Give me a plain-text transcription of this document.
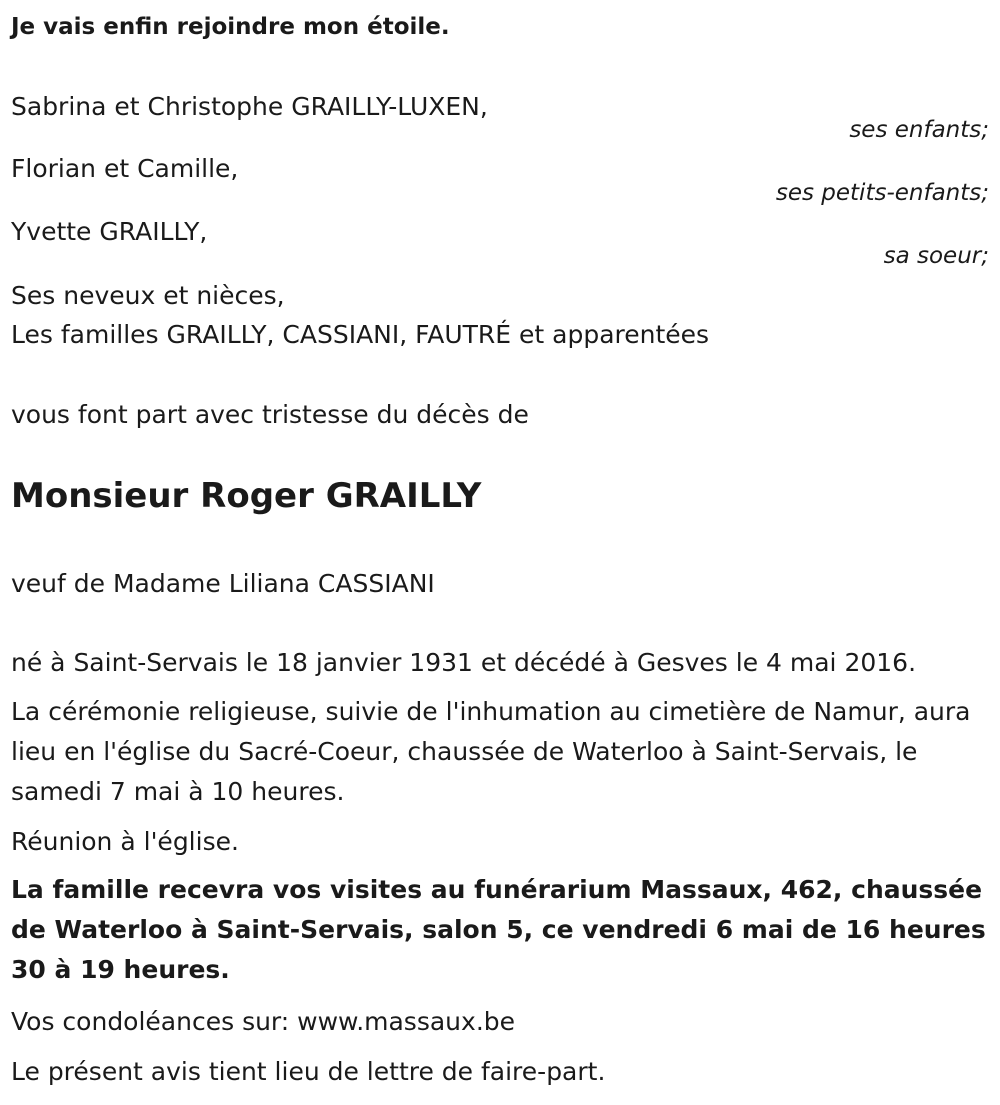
Je vais enfin rejoindre mon étoile.
Sabrina et Christophe GRAILLY-LUXEN,
ses enfants;
Florian et Camille,
ses petits-enfants;
Yvette GRAILLY,
sa soeur;
Ses neveux et nièces,
Les familles GRAILLY, CASSIANI, FAUTRÉ et apparentées
vous font part avec tristesse du décès de
Monsieur Roger GRAILLY
veuf de Madame Liliana CASSIANI
né à Saint-Servais le 18 janvier 1931 et décédé à Gesves le 4 mai 2016.
La cérémonie religieuse, suivie de l'inhumation au cimetière de Namur, aura lieu en l'église du Sacré-Coeur, chaussée de Waterloo à Saint-Servais, le samedi 7 mai à 10 heures.
Réunion à l'église.
La famille recevra vos visites au funérarium Massaux, 462, chaussée de Waterloo à Saint-Servais, salon 5, ce vendredi 6 mai de 16 heures 30 à 19 heures.
Vos condoléances sur: www.massaux.be
Le présent avis tient lieu de lettre de faire-part.
